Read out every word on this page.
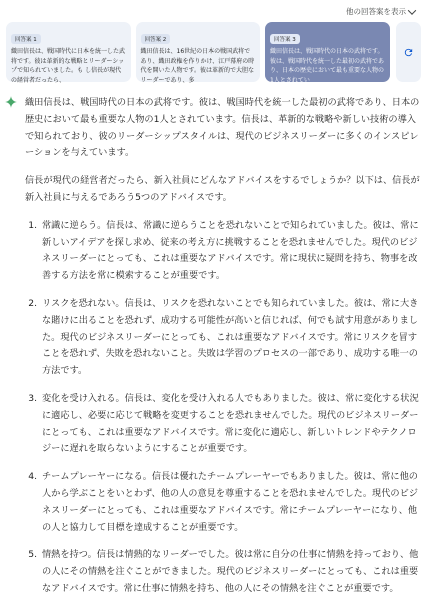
他の回答案を表示
回答案 1
織田信長は、戦国時代に日本を統一した武将です。彼は革新的な戦略とリーダーシップで知られていました。も し信長が現代の経営者だったら、
回答案 2
織田信長は、16世紀の日本の戦国武将であり、織田政権を作りかけ、江戸幕府の時代を開いた人物です。彼は革新的で大胆なリーダーであり、多
回答案 3
織田信長は、戦国時代の日本の武将です。彼は、戦国時代を統一した最初の武将であり、日本の歴史において最も重要な人物の1人とされてい

織田信長は、戦国時代の日本の武将です。彼は、戦国時代を統一した最初の武将であり、日本の歴史において最も重要な人物の1人とされています。信長は、革新的な戦略や新しい技術の導入で知られており、彼のリーダーシップスタイルは、現代のビジネスリーダーに多くのインスピレーションを与えています。

信長が現代の経営者だったら、新入社員にどんなアドバイスをするでしょうか？以下は、信長が新入社員に与えるであろう5つのアドバイスです。

1. 常識に逆らう。信長は、常識に逆らうことを恐れないことで知られていました。彼は、常に新しいアイデアを探し求め、従来の考え方に挑戦することを恐れませんでした。現代のビジネスリーダーにとっても、これは重要なアドバイスです。常に現状に疑問を持ち、物事を改善する方法を常に模索することが重要です。
2. リスクを恐れない。信長は、リスクを恐れないことでも知られていました。彼は、常に大きな賭けに出ることを恐れず、成功する可能性が高いと信じれば、何でも試す用意がありました。現代のビジネスリーダーにとっても、これは重要なアドバイスです。常にリスクを冒すことを恐れず、失敗を恐れないこと。失敗は学習のプロセスの一部であり、成功する唯一の方法です。
3. 変化を受け入れる。信長は、変化を受け入れる人でもありました。彼は、常に変化する状況に適応し、必要に応じて戦略を変更することを恐れませんでした。現代のビジネスリーダーにとっても、これは重要なアドバイスです。常に変化に適応し、新しいトレンドやテクノロジーに遅れを取らないようにすることが重要です。
4. チームプレーヤーになる。信長は優れたチームプレーヤーでもありました。彼は、常に他の人から学ぶことをいとわず、他の人の意見を尊重することを恐れませんでした。現代のビジネスリーダーにとっても、これは重要なアドバイスです。常にチームプレーヤーになり、他の人と協力して目標を達成することが重要です。
5. 情熱を持つ。信長は情熱的なリーダーでした。彼は常に自分の仕事に情熱を持っており、他の人にその情熱を注ぐことができました。現代のビジネスリーダーにとっても、これは重要なアドバイスです。常に仕事に情熱を持ち、他の人にその情熱を注ぐことが重要です。
